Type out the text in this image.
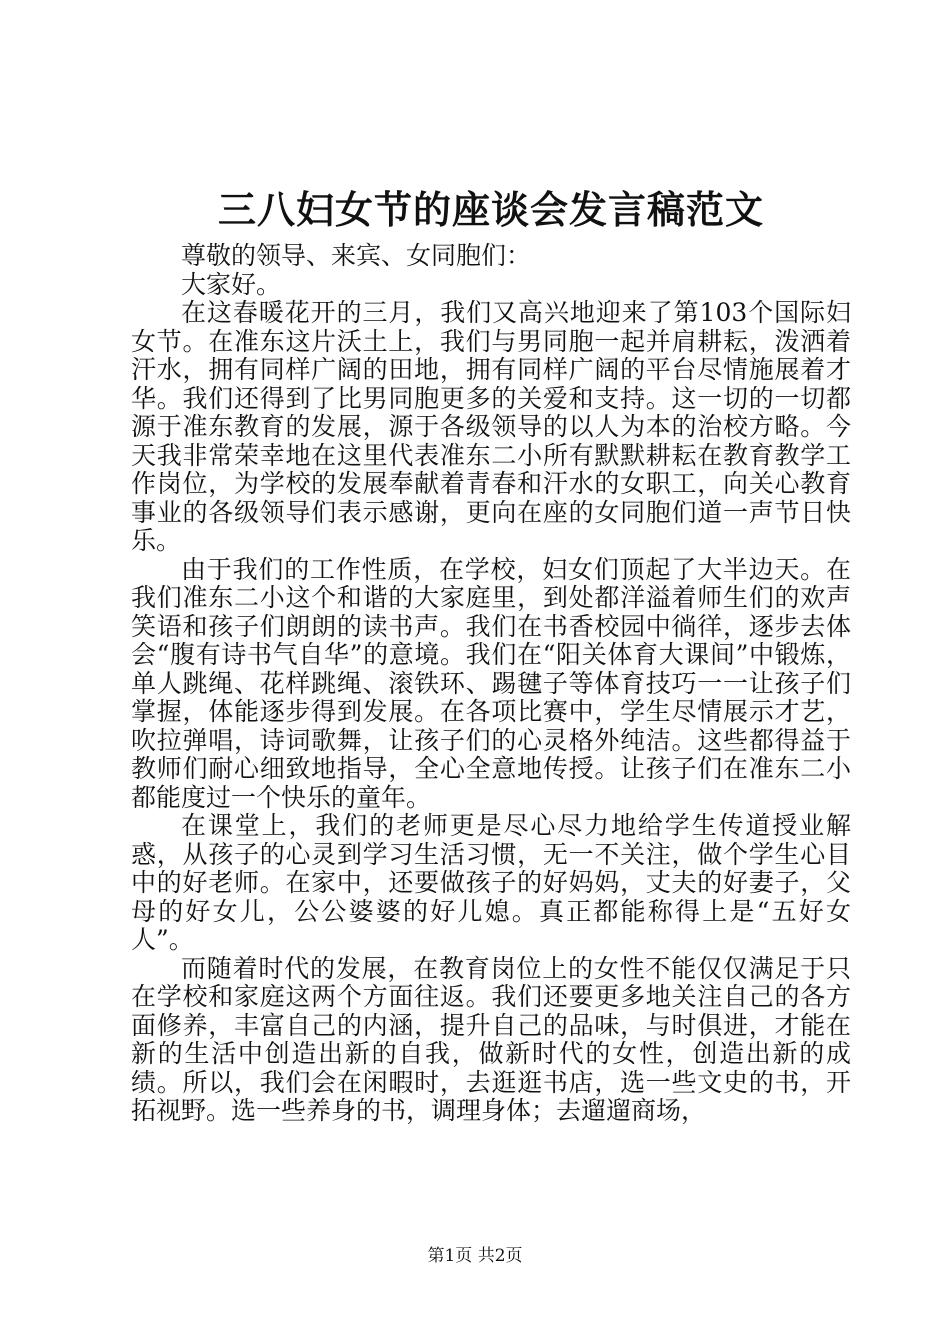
三八妇女节的座谈会发言稿范文

尊敬的领导、来宾、女同胞们：

大家好。

在这春暖花开的三月，我们又高兴地迎来了第103个国际妇女节。在准东这片沃土上，我们与男同胞一起并肩耕耘，泼洒着汗水，拥有同样广阔的田地，拥有同样广阔的平台尽情施展着才华。我们还得到了比男同胞更多的关爱和支持。这一切的一切都源于准东教育的发展，源于各级领导的以人为本的治校方略。今天我非常荣幸地在这里代表准东二小所有默默耕耘在教育教学工作岗位，为学校的发展奉献着青春和汗水的女职工，向关心教育事业的各级领导们表示感谢，更向在座的女同胞们道一声节日快乐。

由于我们的工作性质，在学校，妇女们顶起了大半边天。在我们准东二小这个和谐的大家庭里，到处都洋溢着师生们的欢声笑语和孩子们朗朗的读书声。我们在书香校园中徜徉，逐步去体会“腹有诗书气自华”的意境。我们在“阳关体育大课间”中锻炼，单人跳绳、花样跳绳、滚铁环、踢毽子等体育技巧一一让孩子们掌握，体能逐步得到发展。在各项比赛中，学生尽情展示才艺，吹拉弹唱，诗词歌舞，让孩子们的心灵格外纯洁。这些都得益于教师们耐心细致地指导，全心全意地传授。让孩子们在准东二小都能度过一个快乐的童年。

在课堂上，我们的老师更是尽心尽力地给学生传道授业解惑，从孩子的心灵到学习生活习惯，无一不关注，做个学生心目中的好老师。在家中，还要做孩子的好妈妈，丈夫的好妻子，父母的好女儿，公公婆婆的好儿媳。真正都能称得上是“五好女人”。

而随着时代的发展，在教育岗位上的女性不能仅仅满足于只在学校和家庭这两个方面往返。我们还要更多地关注自己的各方面修养，丰富自己的内涵，提升自己的品味，与时俱进，才能在新的生活中创造出新的自我，做新时代的女性，创造出新的成绩。所以，我们会在闲暇时，去逛逛书店，选一些文史的书，开拓视野。选一些养身的书，调理身体；去遛遛商场，

第1页 共2页
